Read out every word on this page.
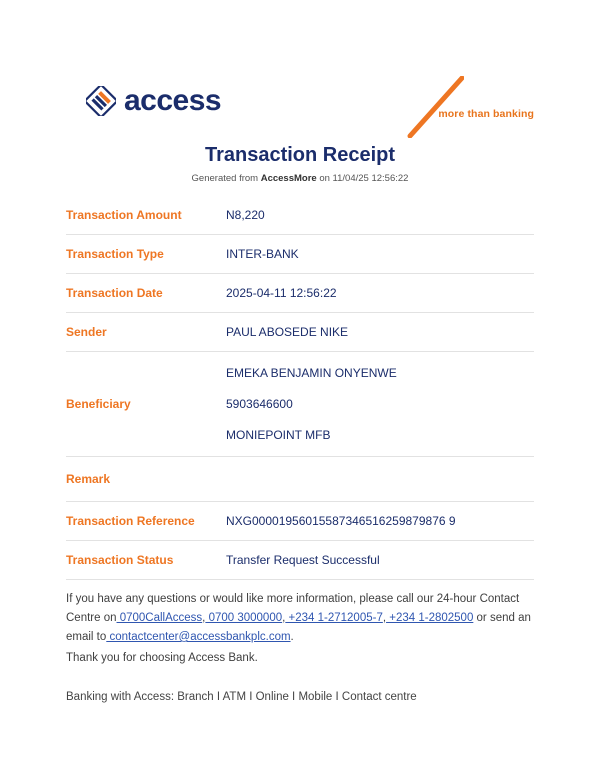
access	more than banking
Transaction Receipt
Generated from AccessMore on 11/04/25 12:56:22
Transaction Amount	N8,220
Transaction Type	INTER-BANK
Transaction Date	2025-04-11 12:56:22
Sender	PAUL ABOSEDE NIKE
Beneficiary	EMEKA BENJAMIN ONYENWE
5903646600
MONIEPOINT MFB

Remark	
Transaction Reference	NXG00001956015587346516259879876 9
Transaction Status	Transfer Request Successful

If you have any questions or would like more information, please call our 24-hour Contact Centre on 0700CallAccess, 0700 3000000, +234 1-2712005-7, +234 1-2802500 or send an email to contactcenter@accessbankplc.com.

Thank you for choosing Access Bank.

Banking with Access: Branch I ATM I Online I Mobile I Contact centre
